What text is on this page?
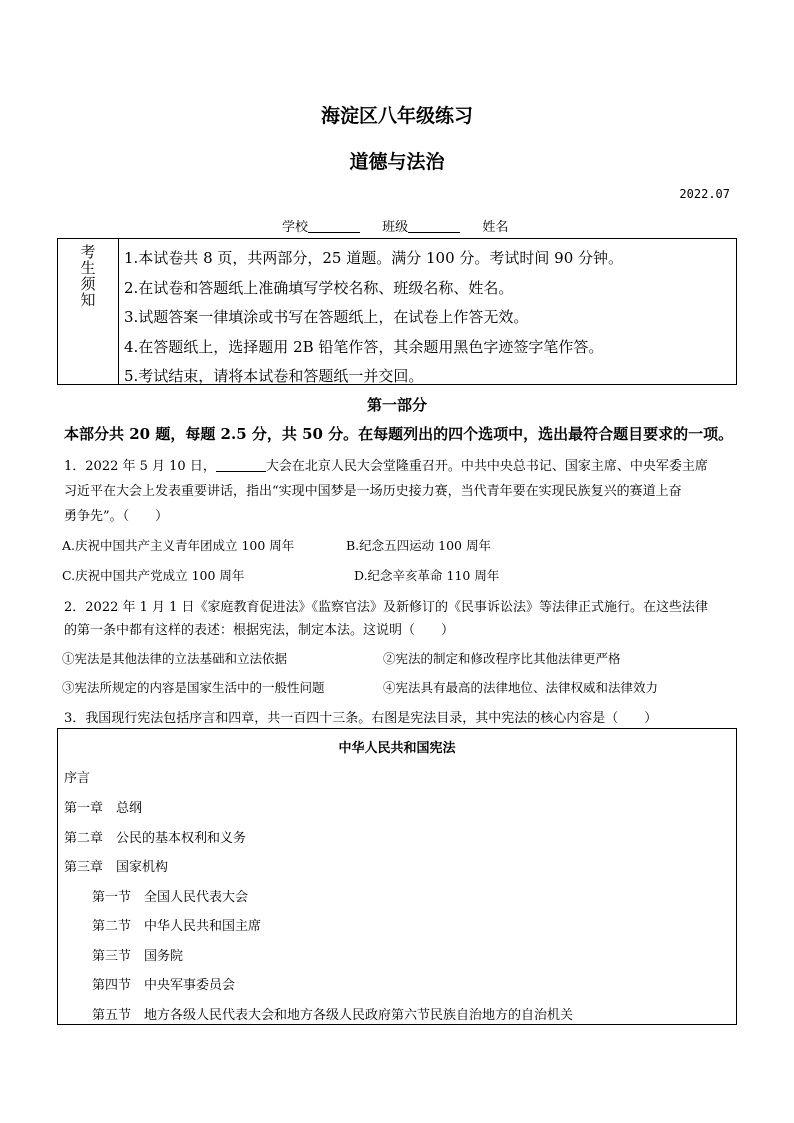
海淀区八年级练习
道德与法治
2022.07
学校	班级	姓名
考生须知
1.本试卷共 8 页，共两部分，25 道题。满分 100 分。考试时间 90 分钟。
2.在试卷和答题纸上准确填写学校名称、班级名称、姓名。
3.试题答案一律填涂或书写在答题纸上，在试卷上作答无效。
4.在答题纸上，选择题用 2B 铅笔作答，其余题用黑色字迹签字笔作答。
5.考试结束，请将本试卷和答题纸一并交回。
第一部分
本部分共 20 题，每题 2.5 分，共 50 分。在每题列出的四个选项中，选出最符合题目要求的一项。
1．2022 年 5 月 10 日，	大会在北京人民大会堂隆重召开。中共中央总书记、国家主席、中央军委主席
习近平在大会上发表重要讲话，指出“实现中国梦是一场历史接力赛，当代青年要在实现民族复兴的赛道上奋
勇争先”。（　　）
A.庆祝中国共产主义青年团成立 100 周年	B.纪念五四运动 100 周年
C.庆祝中国共产党成立 100 周年	D.纪念辛亥革命 110 周年
2．2022 年 1 月 1 日《家庭教育促进法》《监察官法》及新修订的《民事诉讼法》等法律正式施行。在这些法律
的第一条中都有这样的表述：根据宪法，制定本法。这说明（　　）
①宪法是其他法律的立法基础和立法依据	②宪法的制定和修改程序比其他法律更严格
③宪法所规定的内容是国家生活中的一般性问题	④宪法具有最高的法律地位、法律权威和法律效力
3．我国现行宪法包括序言和四章，共一百四十三条。右图是宪法目录，其中宪法的核心内容是（　　）
中华人民共和国宪法
序言
第一章　总纲
第二章　公民的基本权利和义务
第三章　国家机构
第一节　全国人民代表大会
第二节　中华人民共和国主席
第三节　国务院
第四节　中央军事委员会
第五节　地方各级人民代表大会和地方各级人民政府第六节民族自治地方的自治机关
